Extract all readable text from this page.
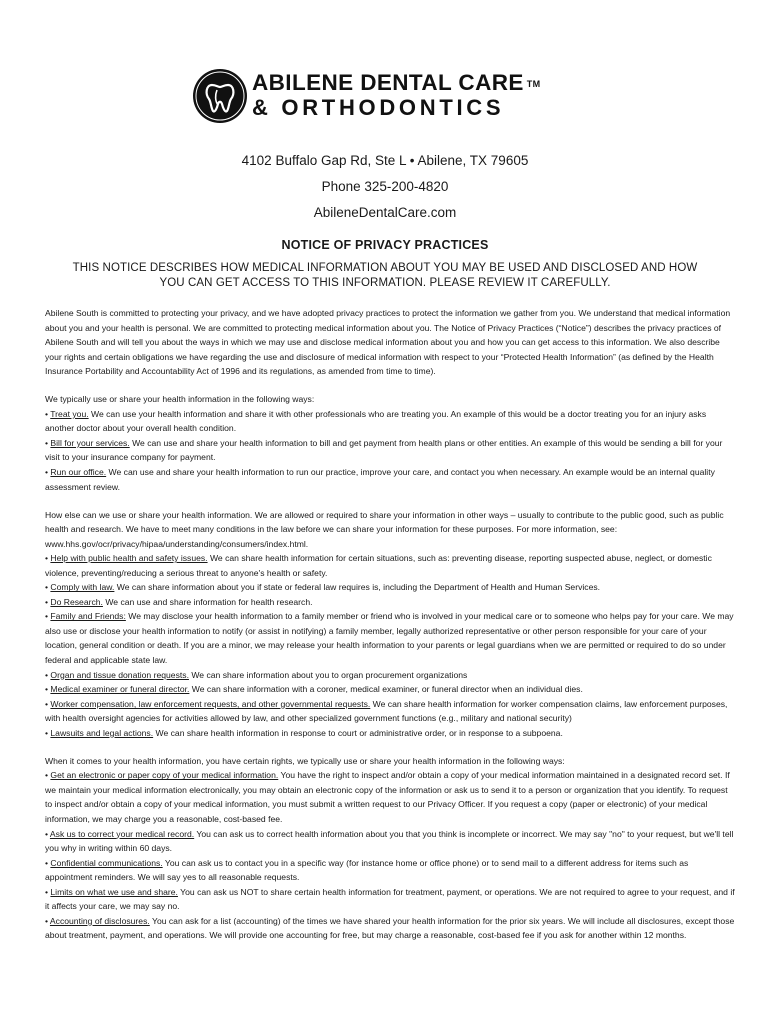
ABILENE DENTAL CARE ™
& ORTHODONTICS
4102 Buffalo Gap Rd, Ste L • Abilene, TX 79605
Phone 325-200-4820
AbileneDentalCare.com
NOTICE OF PRIVACY PRACTICES
THIS NOTICE DESCRIBES HOW MEDICAL INFORMATION ABOUT YOU MAY BE USED AND DISCLOSED AND HOW YOU CAN GET ACCESS TO THIS INFORMATION. PLEASE REVIEW IT CAREFULLY.

Abilene South is committed to protecting your privacy, and we have adopted privacy practices to protect the information we gather from you. We understand that medical information about you and your health is personal. We are committed to protecting medical information about you. The Notice of Privacy Practices (“Notice”) describes the privacy practices of Abilene South and will tell you about the ways in which we may use and disclose medical information about you and how you can get access to this information. We also describe your rights and certain obligations we have regarding the use and disclosure of medical information with respect to your “Protected Health Information” (as defined by the Health Insurance Portability and Accountability Act of 1996 and its regulations, as amended from time to time).

We typically use or share your health information in the following ways:
• Treat you. We can use your health information and share it with other professionals who are treating you. An example of this would be a doctor treating you for an injury asks another doctor about your overall health condition.
• Bill for your services. We can use and share your health information to bill and get payment from health plans or other entities. An example of this would be sending a bill for your visit to your insurance company for payment.
• Run our office. We can use and share your health information to run our practice, improve your care, and contact you when necessary. An example would be an internal quality assessment review.

How else can we use or share your health information. We are allowed or required to share your information in other ways – usually to contribute to the public good, such as public health and research. We have to meet many conditions in the law before we can share your information for these purposes. For more information, see: www.hhs.gov/ocr/privacy/hipaa/understanding/consumers/index.html.
• Help with public health and safety issues. We can share health information for certain situations, such as: preventing disease, reporting suspected abuse, neglect, or domestic violence, preventing/reducing a serious threat to anyone's health or safety.
• Comply with law. We can share information about you if state or federal law requires is, including the Department of Health and Human Services.
• Do Research. We can use and share information for health research.
• Family and Friends: We may disclose your health information to a family member or friend who is involved in your medical care or to someone who helps pay for your care. We may also use or disclose your health information to notify (or assist in notifying) a family member, legally authorized representative or other person responsible for your care of your location, general condition or death. If you are a minor, we may release your health information to your parents or legal guardians when we are permitted or required to do so under federal and applicable state law.
• Organ and tissue donation requests. We can share information about you to organ procurement organizations
• Medical examiner or funeral director. We can share information with a coroner, medical examiner, or funeral director when an individual dies.
• Worker compensation, law enforcement requests, and other governmental requests. We can share health information for worker compensation claims, law enforcement purposes, with health oversight agencies for activities allowed by law, and other specialized government functions (e.g., military and national security)
• Lawsuits and legal actions. We can share health information in response to court or administrative order, or in response to a subpoena.

When it comes to your health information, you have certain rights, we typically use or share your health information in the following ways:
• Get an electronic or paper copy of your medical information. You have the right to inspect and/or obtain a copy of your medical information maintained in a designated record set. If we maintain your medical information electronically, you may obtain an electronic copy of the information or ask us to send it to a person or organization that you identify. To request to inspect and/or obtain a copy of your medical information, you must submit a written request to our Privacy Officer. If you request a copy (paper or electronic) of your medical information, we may charge you a reasonable, cost-based fee.
• Ask us to correct your medical record. You can ask us to correct health information about you that you think is incomplete or incorrect. We may say "no" to your request, but we'll tell you why in writing within 60 days.
• Confidential communications. You can ask us to contact you in a specific way (for instance home or office phone) or to send mail to a different address for items such as appointment reminders. We will say yes to all reasonable requests.
• Limits on what we use and share. You can ask us NOT to share certain health information for treatment, payment, or operations. We are not required to agree to your request, and if it affects your care, we may say no.
• Accounting of disclosures. You can ask for a list (accounting) of the times we have shared your health information for the prior six years. We will include all disclosures, except those about treatment, payment, and operations. We will provide one accounting for free, but may charge a reasonable, cost-based fee if you ask for another within 12 months.
